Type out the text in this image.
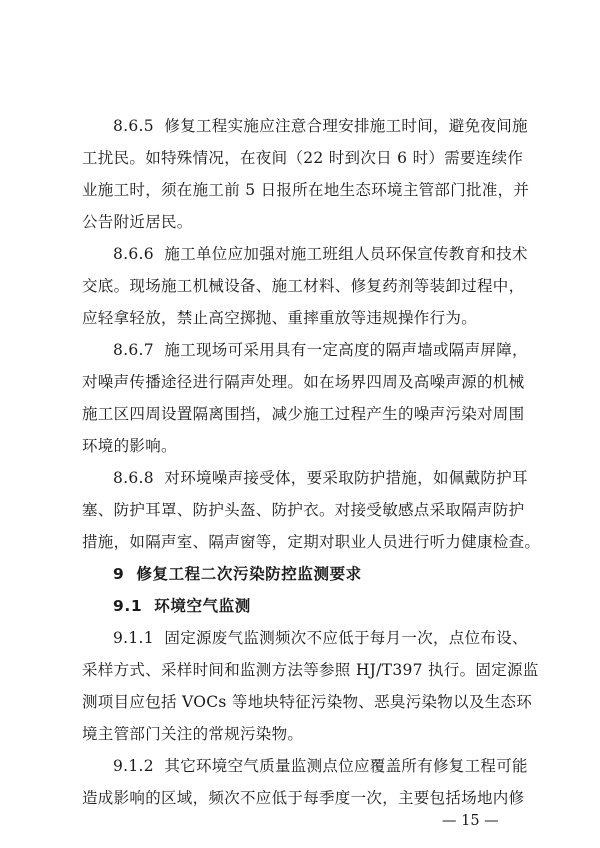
8.6.5  修复工程实施应注意合理安排施工时间，避免夜间施
工扰民。如特殊情况，在夜间（22 时到次日 6 时）需要连续作
业施工时，须在施工前 5 日报所在地生态环境主管部门批准，并
公告附近居民。
8.6.6  施工单位应加强对施工班组人员环保宣传教育和技术
交底。现场施工机械设备、施工材料、修复药剂等装卸过程中，
应轻拿轻放，禁止高空掷抛、重摔重放等违规操作行为。
8.6.7  施工现场可采用具有一定高度的隔声墙或隔声屏障，
对噪声传播途径进行隔声处理。如在场界四周及高噪声源的机械
施工区四周设置隔离围挡，减少施工过程产生的噪声污染对周围
环境的影响。
8.6.8  对环境噪声接受体，要采取防护措施，如佩戴防护耳
塞、防护耳罩、防护头盔、防护衣。对接受敏感点采取隔声防护
措施，如隔声室、隔声窗等，定期对职业人员进行听力健康检查。
9  修复工程二次污染防控监测要求
9.1  环境空气监测
9.1.1  固定源废气监测频次不应低于每月一次，点位布设、
采样方式、采样时间和监测方法等参照 HJ/T397 执行。固定源监
测项目应包括 VOCs 等地块特征污染物、恶臭污染物以及生态环
境主管部门关注的常规污染物。
9.1.2  其它环境空气质量监测点位应覆盖所有修复工程可能
造成影响的区域，频次不应低于每季度一次，主要包括场地内修
— 15 —
